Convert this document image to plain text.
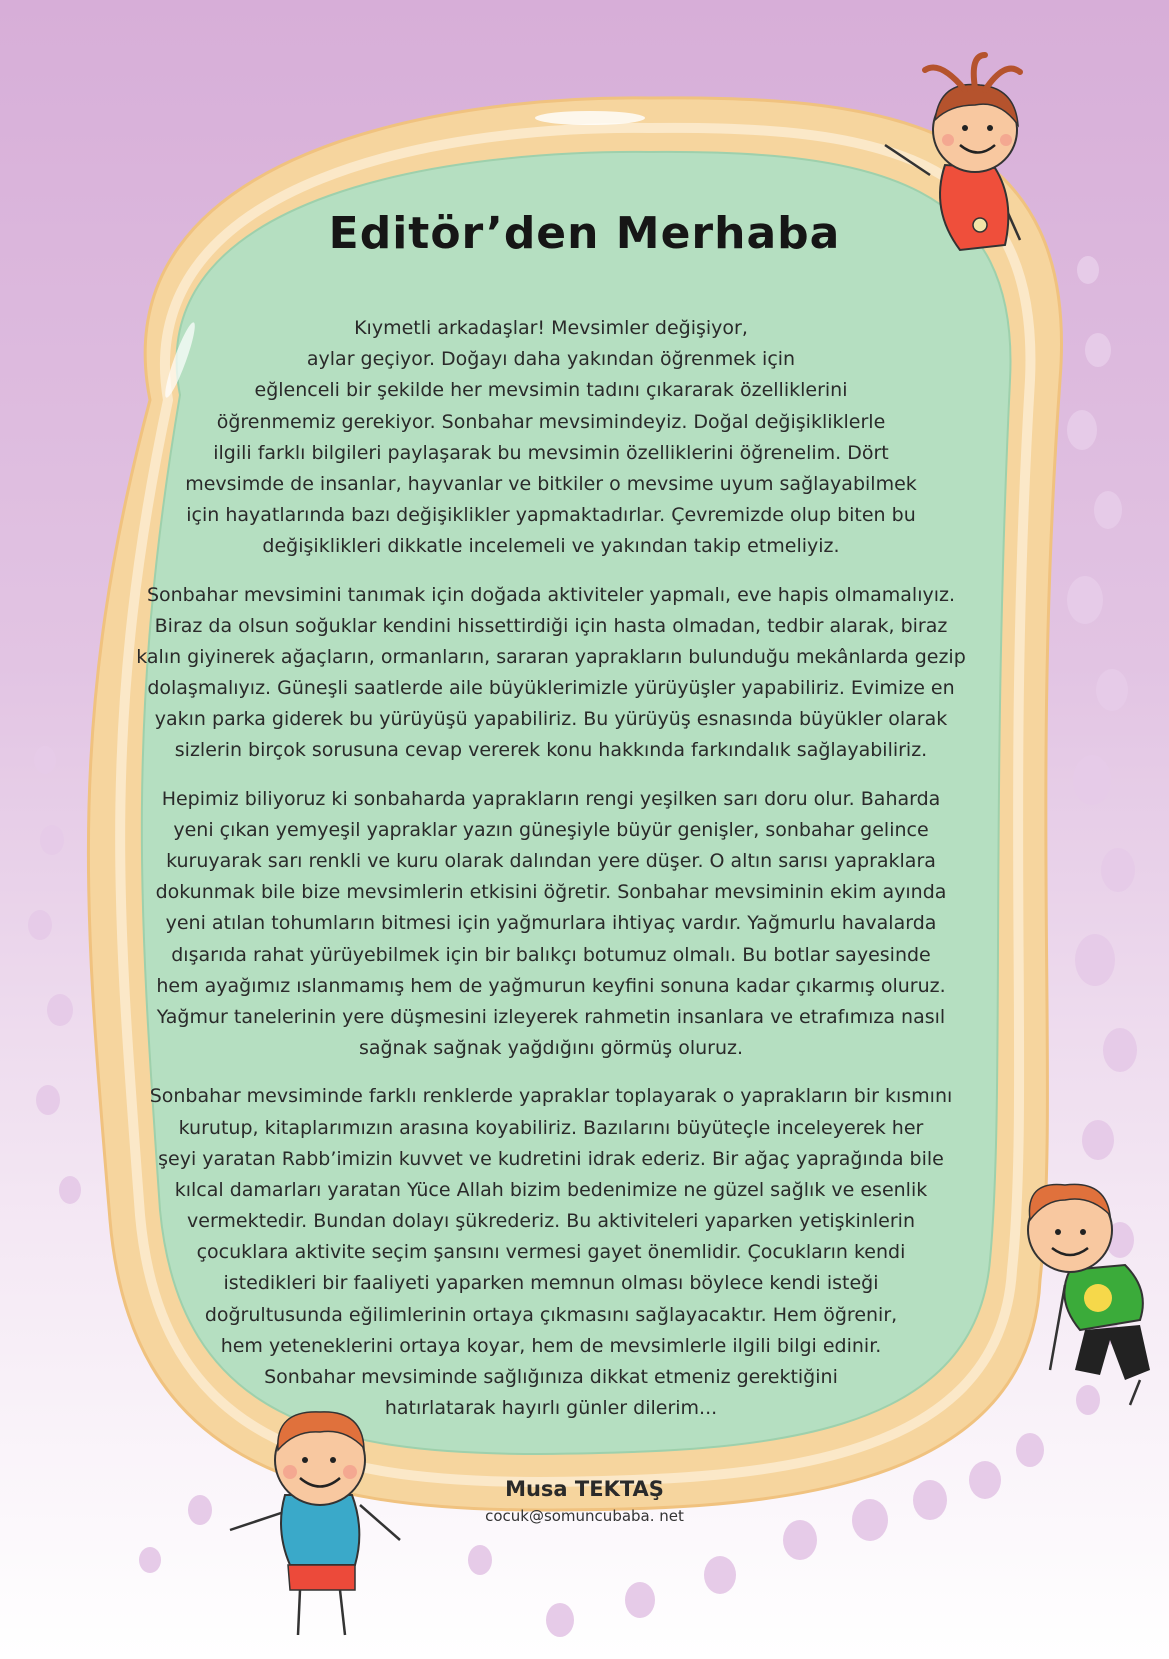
Editör’den Merhaba
Kıymetli arkadaşlar! Mevsimler değişiyor,
aylar geçiyor. Doğayı daha yakından öğrenmek için
eğlenceli bir şekilde her mevsimin tadını çıkararak özelliklerini
öğrenmemiz gerekiyor. Sonbahar mevsimindeyiz. Doğal değişikliklerle
ilgili farklı bilgileri paylaşarak bu mevsimin özelliklerini öğrenelim. Dört
mevsimde de insanlar, hayvanlar ve bitkiler o mevsime uyum sağlayabilmek
için hayatlarında bazı değişiklikler yapmaktadırlar. Çevremizde olup biten bu
değişiklikleri dikkatle incelemeli ve yakından takip etmeliyiz.
Sonbahar mevsimini tanımak için doğada aktiviteler yapmalı, eve hapis olmamalıyız.
Biraz da olsun soğuklar kendini hissettirdiği için hasta olmadan, tedbir alarak, biraz
kalın giyinerek ağaçların, ormanların, sararan yaprakların bulunduğu mekânlarda gezip
dolaşmalıyız. Güneşli saatlerde aile büyüklerimizle yürüyüşler yapabiliriz. Evimize en
yakın parka giderek bu yürüyüşü yapabiliriz. Bu yürüyüş esnasında büyükler olarak
sizlerin birçok sorusuna cevap vererek konu hakkında farkındalık sağlayabiliriz.
Hepimiz biliyoruz ki sonbaharda yaprakların rengi yeşilken sarı doru olur. Baharda
yeni çıkan yemyeşil yapraklar yazın güneşiyle büyür genişler, sonbahar gelince
kuruyarak sarı renkli ve kuru olarak dalından yere düşer. O altın sarısı yapraklara
dokunmak bile bize mevsimlerin etkisini öğretir. Sonbahar mevsiminin ekim ayında
yeni atılan tohumların bitmesi için yağmurlara ihtiyaç vardır. Yağmurlu havalarda
dışarıda rahat yürüyebilmek için bir balıkçı botumuz olmalı. Bu botlar sayesinde
hem ayağımız ıslanmamış hem de yağmurun keyfini sonuna kadar çıkarmış oluruz.
Yağmur tanelerinin yere düşmesini izleyerek rahmetin insanlara ve etrafımıza nasıl
sağnak sağnak yağdığını görmüş oluruz.
Sonbahar mevsiminde farklı renklerde yapraklar toplayarak o yaprakların bir kısmını
kurutup, kitaplarımızın arasına koyabiliriz. Bazılarını büyüteçle inceleyerek her
şeyi yaratan Rabb’imizin kuvvet ve kudretini idrak ederiz. Bir ağaç yaprağında bile
kılcal damarları yaratan Yüce Allah bizim bedenimize ne güzel sağlık ve esenlik
vermektedir. Bundan dolayı şükrederiz. Bu aktiviteleri yaparken yetişkinlerin
çocuklara aktivite seçim şansını vermesi gayet önemlidir. Çocukların kendi
istedikleri bir faaliyeti yaparken memnun olması böylece kendi isteği
doğrultusunda eğilimlerinin ortaya çıkmasını sağlayacaktır. Hem öğrenir,
hem yeteneklerini ortaya koyar, hem de mevsimlerle ilgili bilgi edinir.
Sonbahar mevsiminde sağlığınıza dikkat etmeniz gerektiğini
hatırlatarak hayırlı günler dilerim...
Musa TEKTAŞ
cocuk@somuncubaba. net
